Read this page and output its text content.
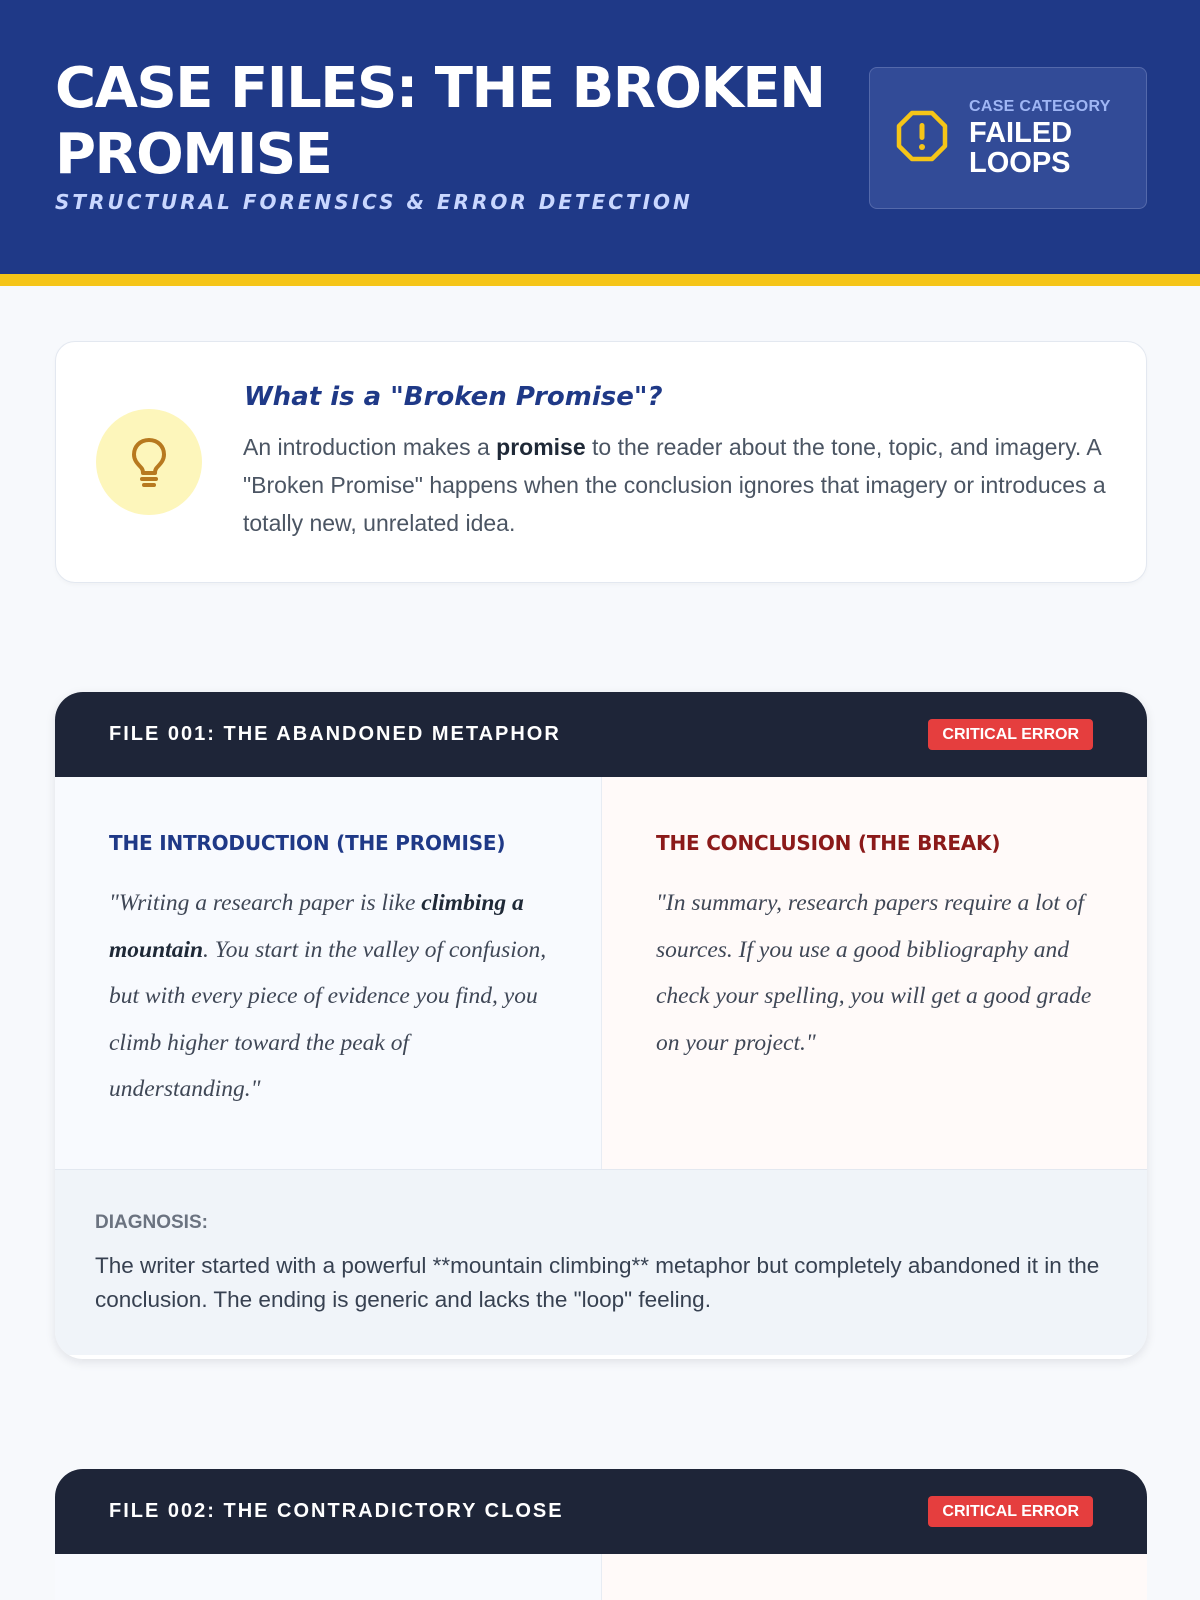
CASE FILES: THE BROKEN PROMISE
STRUCTURAL FORENSICS & ERROR DETECTION
CASE CATEGORY
FAILED LOOPS
What is a "Broken Promise"?

An introduction makes a promise to the reader about the tone, topic, and imagery. A "Broken Promise" happens when the conclusion ignores that imagery or introduces a totally new, unrelated idea.

FILE 001: THE ABANDONED METAPHOR	CRITICAL ERROR
THE INTRODUCTION (THE PROMISE)

"Writing a research paper is like climbing a mountain. You start in the valley of confusion, but with every piece of evidence you find, you climb higher toward the peak of understanding."

THE CONCLUSION (THE BREAK)

"In summary, research papers require a lot of sources. If you use a good bibliography and check your spelling, you will get a good grade on your project."

DIAGNOSIS:

The writer started with a powerful **mountain climbing** metaphor but completely abandoned it in the conclusion. The ending is generic and lacks the "loop" feeling.

FILE 002: THE CONTRADICTORY CLOSE	CRITICAL ERROR
